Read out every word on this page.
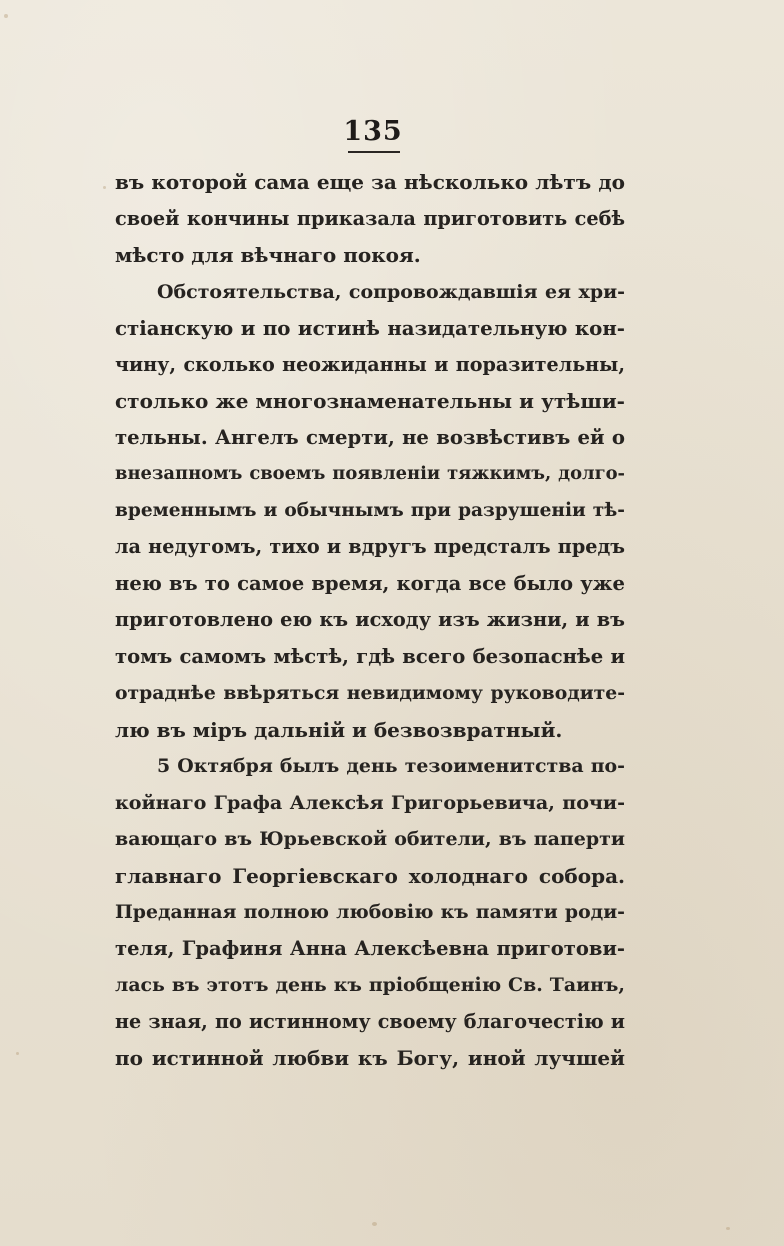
135
въ которой сама еще за нѣсколько лѣтъ до
своей кончины приказала приготовить себѣ
мѣсто для вѣчнаго покоя.
Обстоятельства, сопровождавшія ея хри-
стіанскую и по истинѣ назидательную кон-
чину, сколько неожиданны и поразительны,
столько же многознаменательны и утѣши-
тельны. Ангелъ смерти, не возвѣстивъ ей о
внезапномъ своемъ появленіи тяжкимъ, долго-
временнымъ и обычнымъ при разрушеніи тѣ-
ла недугомъ, тихо и вдругъ предсталъ предъ
нею въ то самое время, когда все было уже
приготовлено ею къ исходу изъ жизни, и въ
томъ самомъ мѣстѣ, гдѣ всего безопаснѣе и
отраднѣе ввѣряться невидимому руководите-
лю въ міръ дальній и безвозвратный.
5 Октября былъ день тезоименитства по-
койнаго Графа Алексѣя Григорьевича, почи-
вающаго въ Юрьевской обители, въ паперти
главнаго Георгіевскаго холоднаго собора.
Преданная полною любовію къ памяти роди-
теля, Графиня Анна Алексѣевна приготови-
лась въ этотъ день къ пріобщенію Св. Таинъ,
не зная, по истинному своему благочестію и
по истинной любви къ Богу, иной лучшей
